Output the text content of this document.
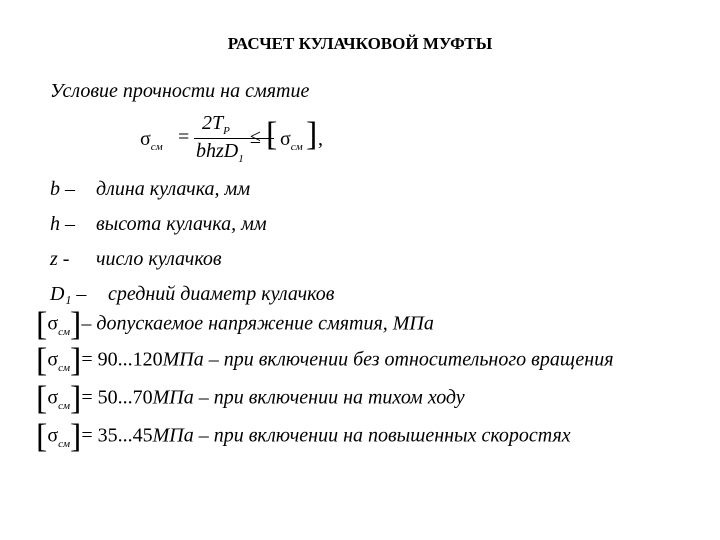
РАСЧЕТ КУЛАЧКОВОЙ МУФТЫ
Условие прочности на смятие
$\sigma_{см}$ =
$2T_P$
bhzD$_1$
≤ [ $\sigma_{см}$ ] ,
b – длина кулачка, мм
h – высота кулачка, мм
z - число кулачков
D₁ – средний диаметр кулачков
$[\sigma_{см}]-$ допускаемое напряжение смятия, МПа
$[\sigma_{см}]= 90...120МПа$ – при включении без относительного вращения
$[\sigma_{см}]= 50...70МПа$ – при включении на тихом ходу
$[\sigma_{см}]= 35...45МПа$ – при включении на повышенных скоростях
